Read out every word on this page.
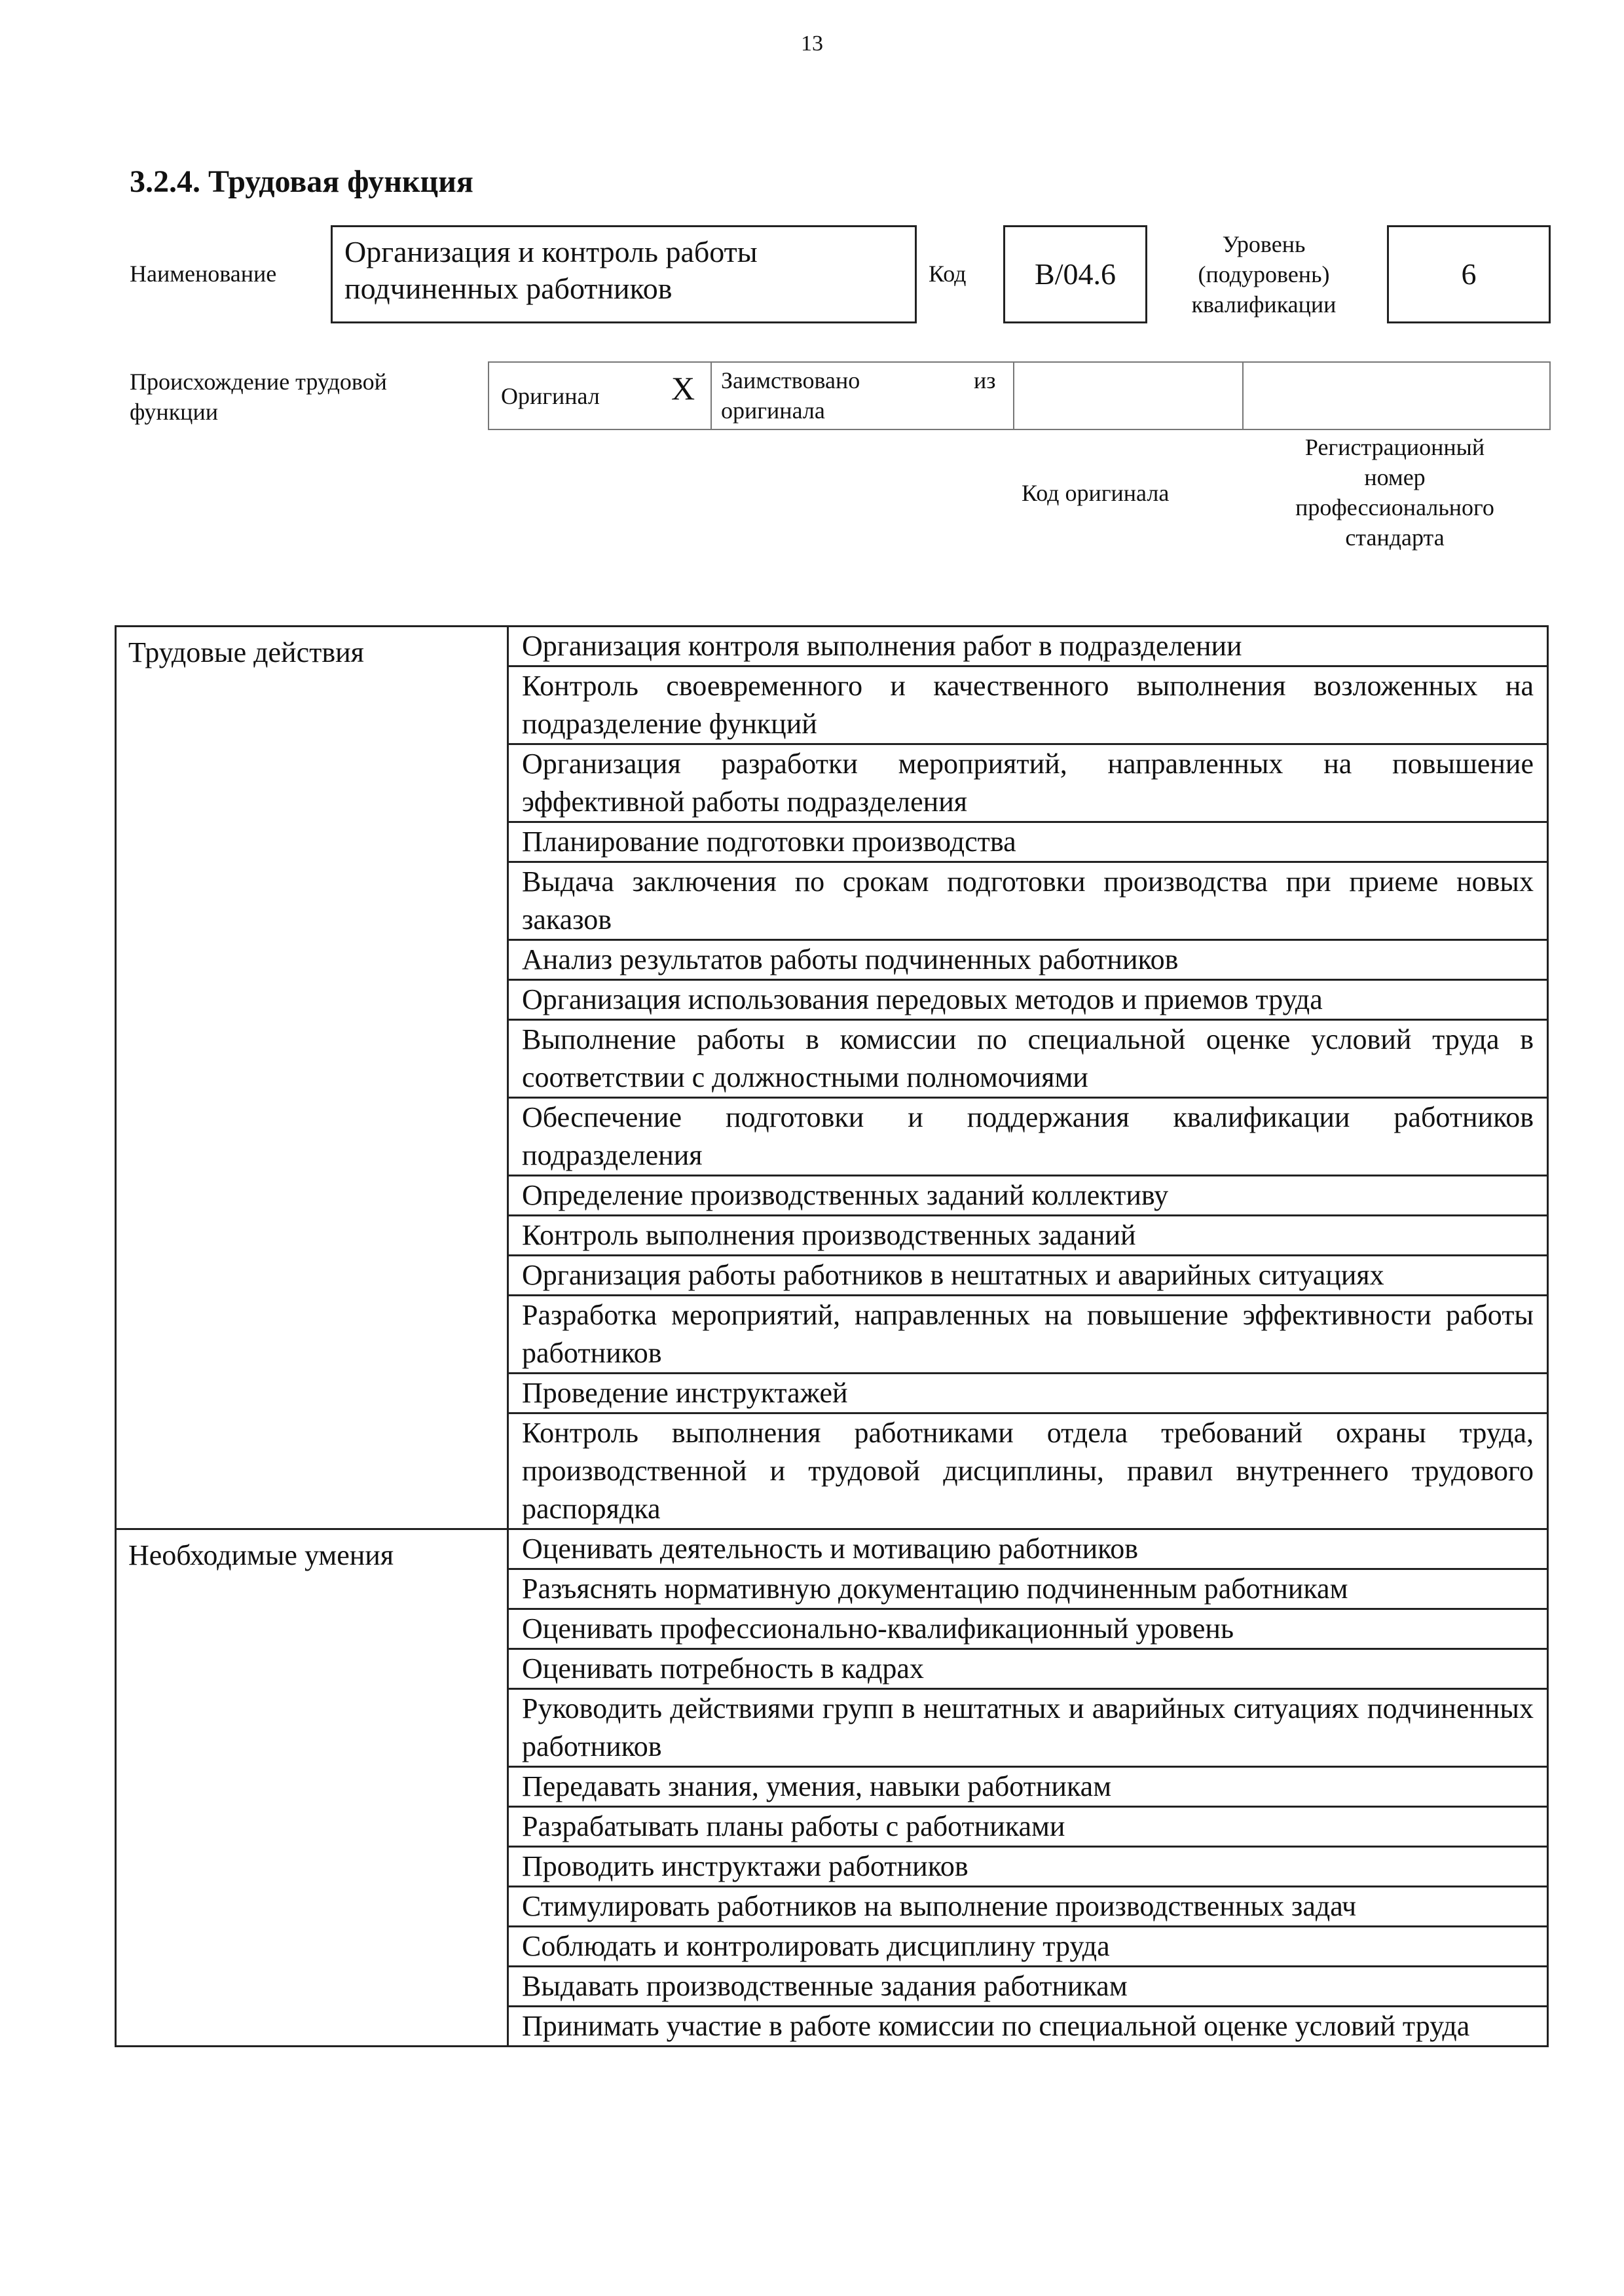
13
3.2.4. Трудовая функция
Наименование
Организация и контроль работы подчиненных работников	Код	B/04.6
Уровень
(подуровень)
квалификации
6
Происхождение трудовой функции
Оригинал X Заимствовано	из
оригинала
Код оригинала
Регистрационный
номер
профессионального
стандарта
Трудовые действия	Организация контроля выполнения работ в подразделении
	Контроль своевременного и качественного выполнения возложенных на подразделение функций
	Организация разработки мероприятий, направленных на повышение эффективной работы подразделения
	Планирование подготовки производства
	Выдача заключения по срокам подготовки производства при приеме новых заказов
	Анализ результатов работы подчиненных работников
	Организация использования передовых методов и приемов труда
	Выполнение работы в комиссии по специальной оценке условий труда в соответствии с должностными полномочиями
	Обеспечение подготовки и поддержания квалификации работников подразделения
	Определение производственных заданий коллективу
	Контроль выполнения производственных заданий
	Организация работы работников в нештатных и аварийных ситуациях
	Разработка мероприятий, направленных на повышение эффективности работы работников
	Проведение инструктажей
	Контроль выполнения работниками отдела требований охраны труда, производственной и трудовой дисциплины, правил внутреннего трудового распорядка
Необходимые умения	Оценивать деятельность и мотивацию работников
	Разъяснять нормативную документацию подчиненным работникам
	Оценивать профессионально-квалификационный уровень
	Оценивать потребность в кадрах
	Руководить действиями групп в нештатных и аварийных ситуациях подчиненных работников
	Передавать знания, умения, навыки работникам
	Разрабатывать планы работы с работниками
	Проводить инструктажи работников
	Стимулировать работников на выполнение производственных задач
	Соблюдать и контролировать дисциплину труда
	Выдавать производственные задания работникам
	Принимать участие в работе комиссии по специальной оценке условий труда
